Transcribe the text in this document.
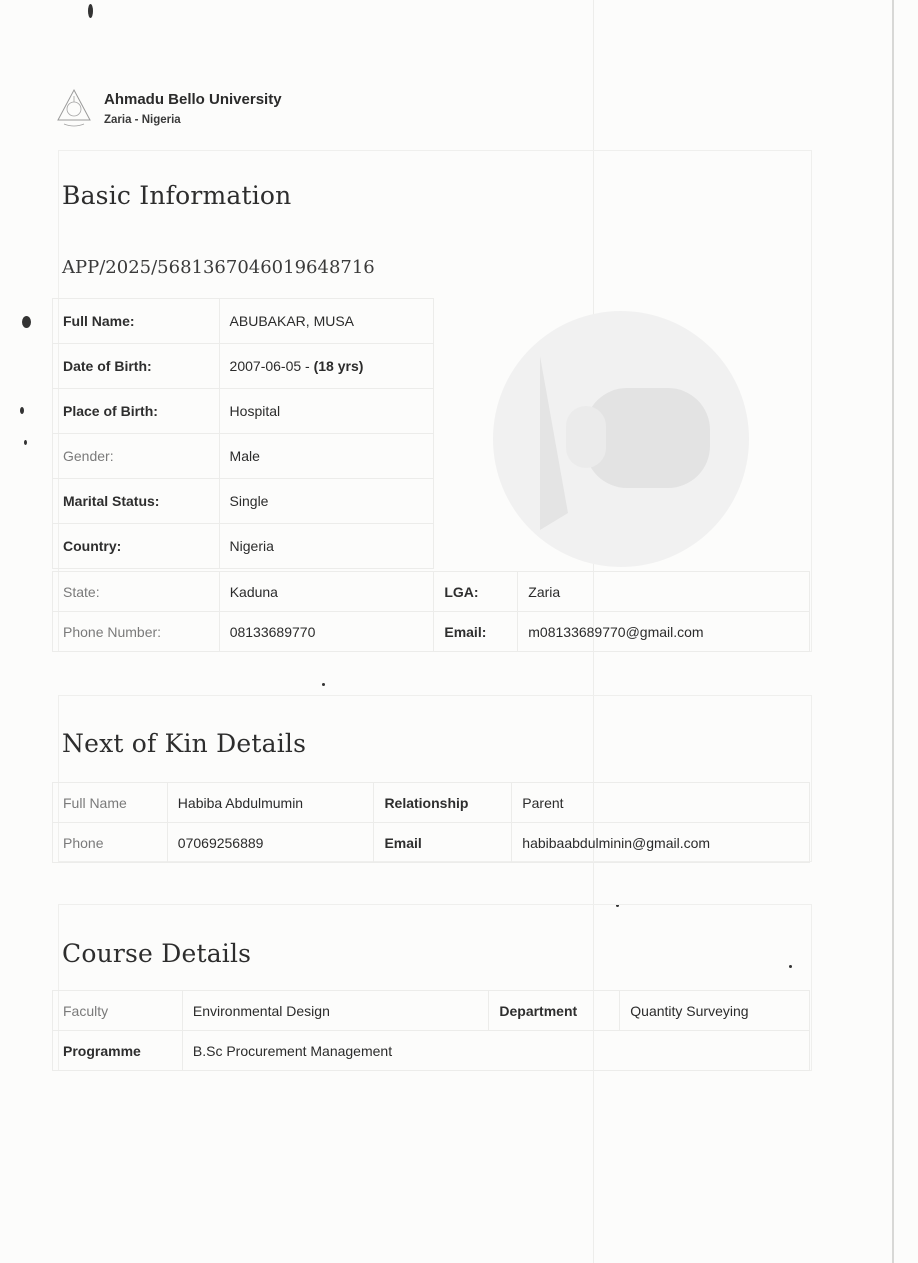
Ahmadu Bello University
Zaria - Nigeria
Basic Information
APP/2025/5681367046019648716
Full Name:	ABUBAKAR, MUSA
Date of Birth:	2007-06-05 - (18 yrs)
Place of Birth:	Hospital
Gender:	Male
Marital Status:	Single
Country:	Nigeria
State:	Kaduna	LGA:	Zaria
Phone Number:	08133689770	Email:	m08133689770@gmail.com
Next of Kin Details
Full Name	Habiba Abdulmumin	Relationship	Parent
Phone	07069256889	Email	habibaabdulminin@gmail.com
Course Details
Faculty	Environmental Design	Department	Quantity Surveying
Programme	B.Sc Procurement Management		
